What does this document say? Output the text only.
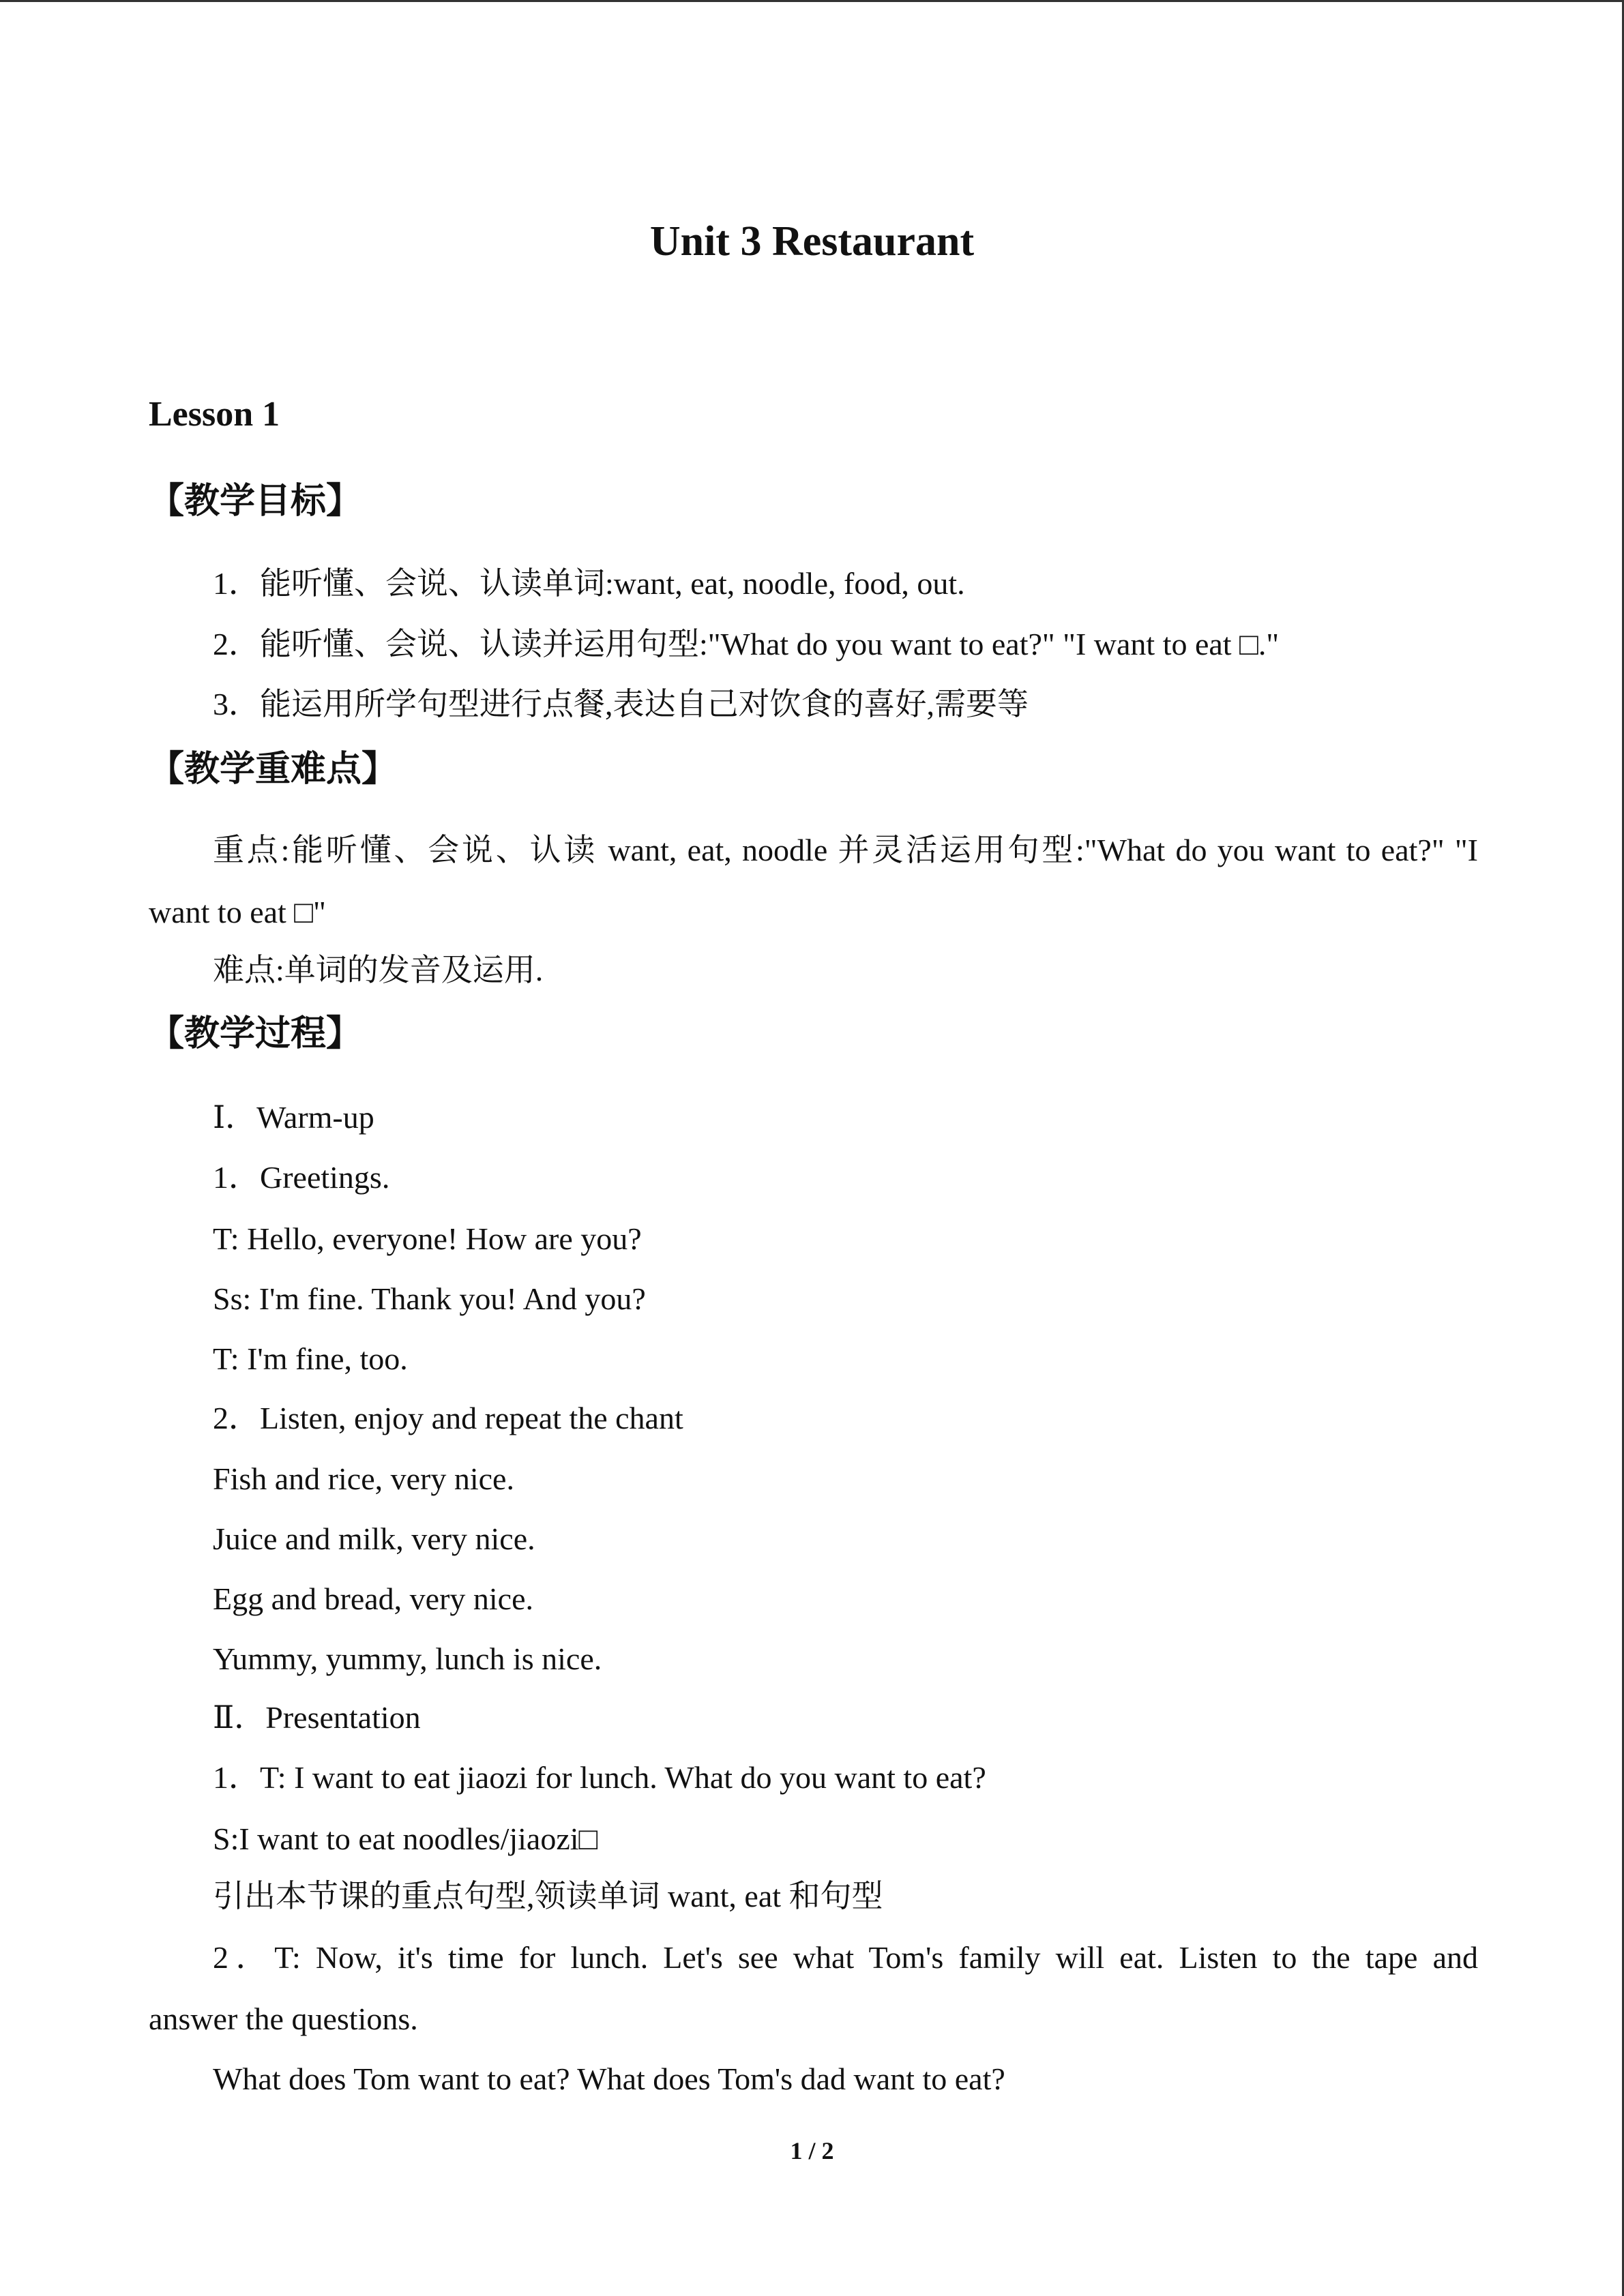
Unit 3 Restaurant
Lesson 1
【教学目标】
1．能听懂、会说、认读单词:want, eat, noodle, food, out.
2．能听懂、会说、认读并运用句型:"What do you want to eat?" "I want to eat □."
3．能运用所学句型进行点餐,表达自己对饮食的喜好,需要等
【教学重难点】
重点:能听懂、会说、认读 want, eat, noodle 并灵活运用句型:"What do you want to eat?" "I
want to eat □"
难点:单词的发音及运用.
【教学过程】
Ⅰ．Warm-up
1．Greetings.
T: Hello, everyone! How are you?
Ss: I'm fine. Thank you! And you?
T: I'm fine, too.
2．Listen, enjoy and repeat the chant
Fish and rice, very nice.
Juice and milk, very nice.
Egg and bread, very nice.
Yummy, yummy, lunch is nice.
Ⅱ．Presentation
1．T: I want to eat jiaozi for lunch. What do you want to eat?
S:I want to eat noodles/jiaozi□
引出本节课的重点句型,领读单词 want, eat 和句型
2．T: Now, it's time for lunch. Let's see what Tom's family will eat. Listen to the tape and
answer the questions.
What does Tom want to eat? What does Tom's dad want to eat?
1 / 2
